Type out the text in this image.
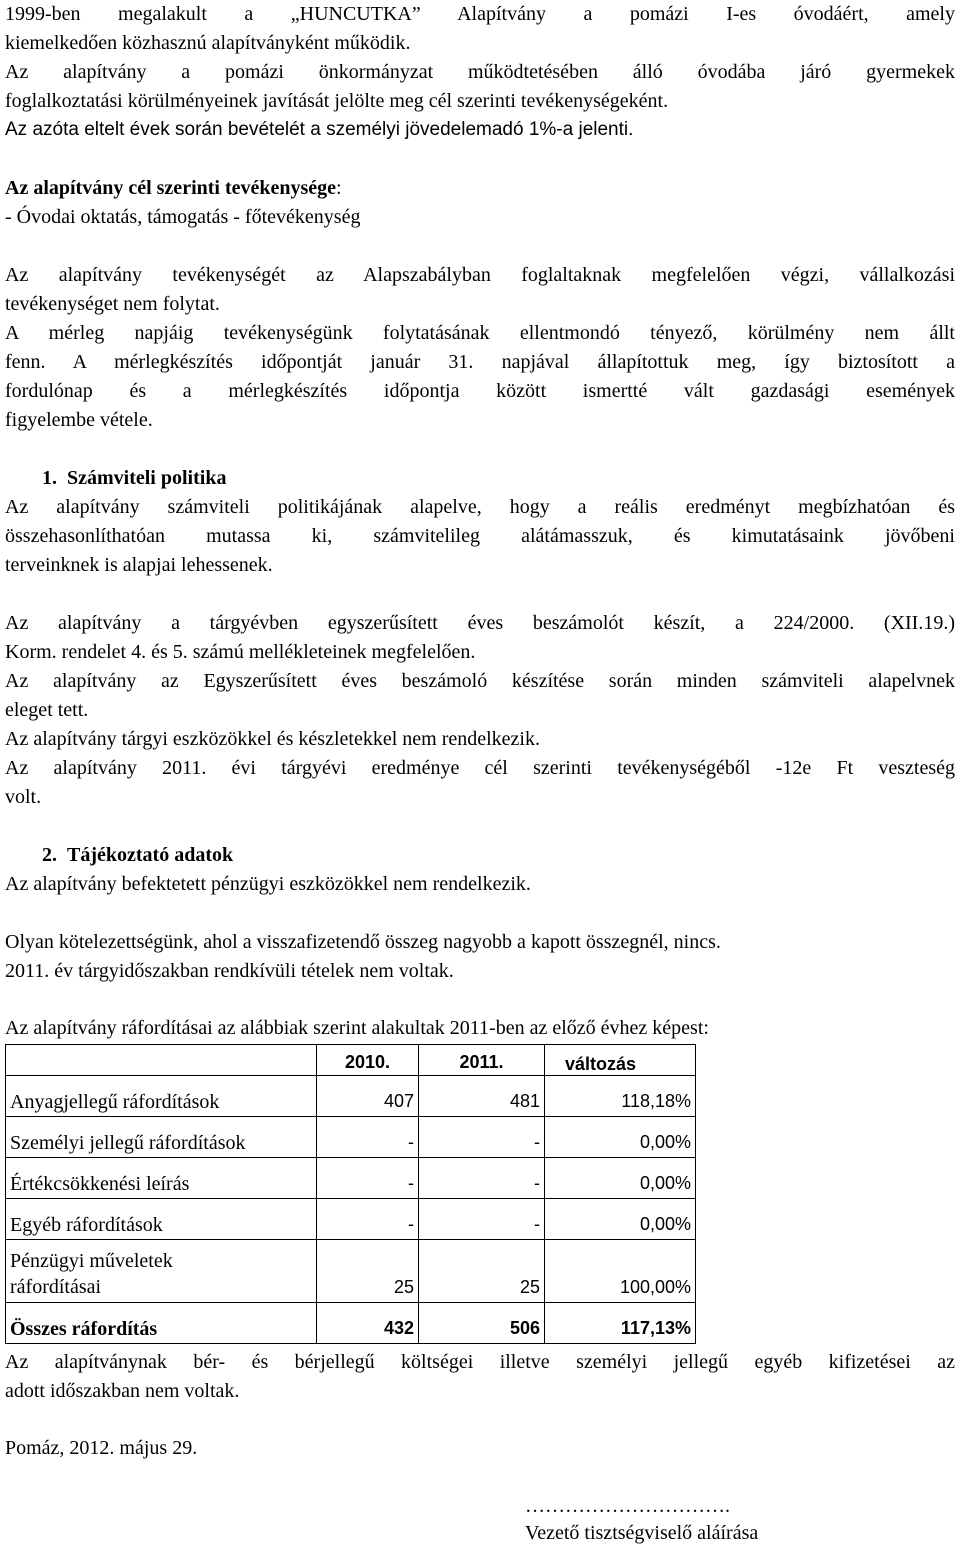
1999-ben megalakult a „HUNCUTKA” Alapítvány a pomázi I-es óvodáért, amely
kiemelkedően közhasznú alapítványként működik.
Az alapítvány a pomázi önkormányzat működtetésében álló óvodába járó gyermekek
foglalkoztatási körülményeinek javítását jelölte meg cél szerinti tevékenységeként.
Az azóta eltelt évek során bevételét a személyi jövedelemadó 1%-a jelenti.
Az alapítvány cél szerinti tevékenysége:
- Óvodai oktatás, támogatás - főtevékenység
Az alapítvány tevékenységét az Alapszabályban foglaltaknak megfelelően végzi, vállalkozási
tevékenységet nem folytat.
A mérleg napjáig tevékenységünk folytatásának ellentmondó tényező, körülmény nem állt
fenn. A mérlegkészítés időpontját január 31. napjával állapítottuk meg, így biztosított a
fordulónap és a mérlegkészítés időpontja között ismertté vált gazdasági események
figyelembe vétele.
1. Számviteli politika
Az alapítvány számviteli politikájának alapelve, hogy a reális eredményt megbízhatóan és
összehasonlíthatóan mutassa ki, számvitelileg alátámasszuk, és kimutatásaink jövőbeni
terveinknek is alapjai lehessenek.
Az alapítvány a tárgyévben egyszerűsített éves beszámolót készít, a 224/2000. (XII.19.)
Korm. rendelet 4. és 5. számú mellékleteinek megfelelően.
Az alapítvány az Egyszerűsített éves beszámoló készítése során minden számviteli alapelvnek
eleget tett.
Az alapítvány tárgyi eszközökkel és készletekkel nem rendelkezik.
Az alapítvány 2011. évi tárgyévi eredménye cél szerinti tevékenységéből -12e Ft veszteség
volt.
2. Tájékoztató adatok
Az alapítvány befektetett pénzügyi eszközökkel nem rendelkezik.
Olyan kötelezettségünk, ahol a visszafizetendő összeg nagyobb a kapott összegnél, nincs.
2011. év tárgyidőszakban rendkívüli tételek nem voltak.
Az alapítvány ráfordításai az alábbiak szerint alakultak 2011-ben az előző évhez képest:
	2010.	2011.	változás

Anyagjellegű ráfordítások	407	481	118,18%

Személyi jellegű ráfordítások	-	-	0,00%

Értékcsökkenési leírás	-	-	0,00%

Egyéb ráfordítások	-	-	0,00%

Pénzügyi műveletek
ráfordításai	25	25	100,00%

Összes ráfordítás	432	506	117,13%
Az alapítványnak bér- és bérjellegű költségei illetve személyi jellegű egyéb kifizetései az
adott időszakban nem voltak.
Pomáz, 2012. május 29.
………………………….
Vezető tisztségviselő aláírása
